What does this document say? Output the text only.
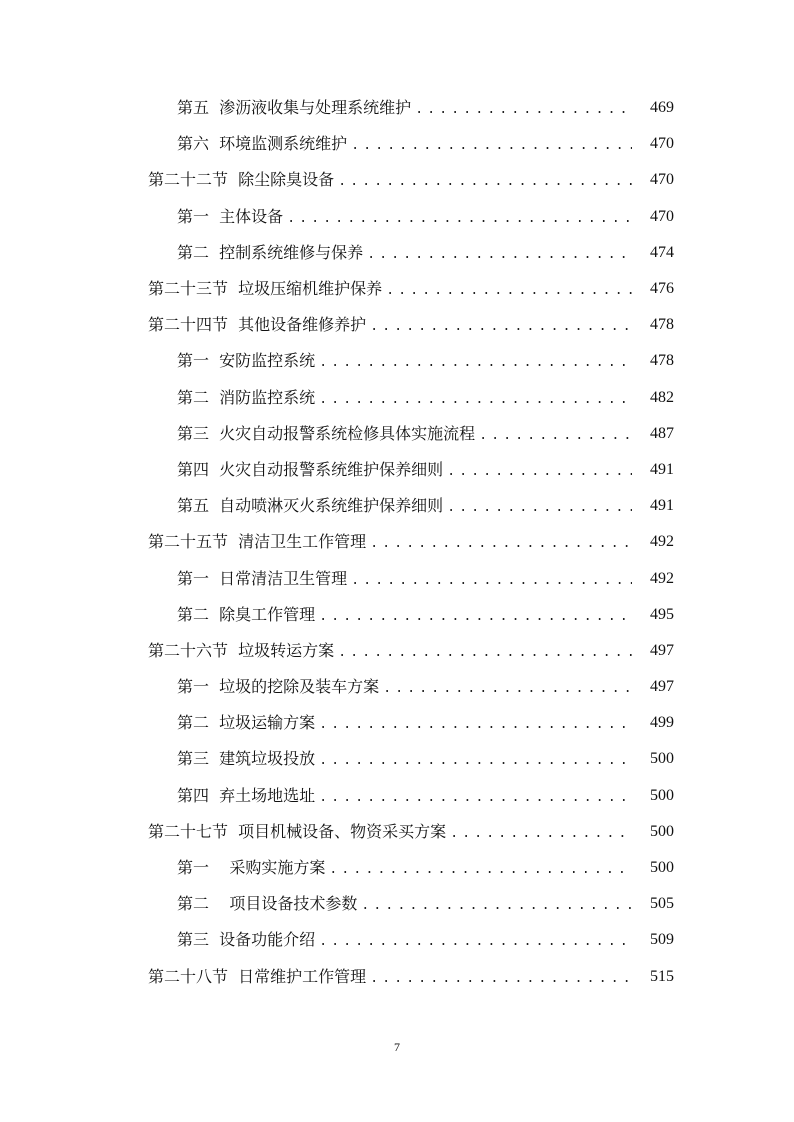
第五  渗沥液收集与处理系统维护 .....	469
第六  环境监测系统维护 .....	470
第二十二节  除尘除臭设备 .....	470
第一  主体设备 .....	470
第二  控制系统维修与保养 .....	474
第二十三节  垃圾压缩机维护保养 .....	476
第二十四节  其他设备维修养护 .....	478
第一  安防监控系统 .....	478
第二  消防监控系统 .....	482
第三  火灾自动报警系统检修具体实施流程 .....	487
第四  火灾自动报警系统维护保养细则 .....	491
第五  自动喷淋灭火系统维护保养细则 .....	491
第二十五节  清洁卫生工作管理 .....	492
第一  日常清洁卫生管理 .....	492
第二  除臭工作管理 .....	495
第二十六节  垃圾转运方案 .....	497
第一  垃圾的挖除及装车方案 .....	497
第二  垃圾运输方案 .....	499
第三  建筑垃圾投放 .....	500
第四  弃土场地选址 .....	500
第二十七节  项目机械设备、物资采买方案 .....	500
第一    采购实施方案 .....	500
第二    项目设备技术参数 .....	505
第三  设备功能介绍 .....	509
第二十八节  日常维护工作管理 .....	515
7
